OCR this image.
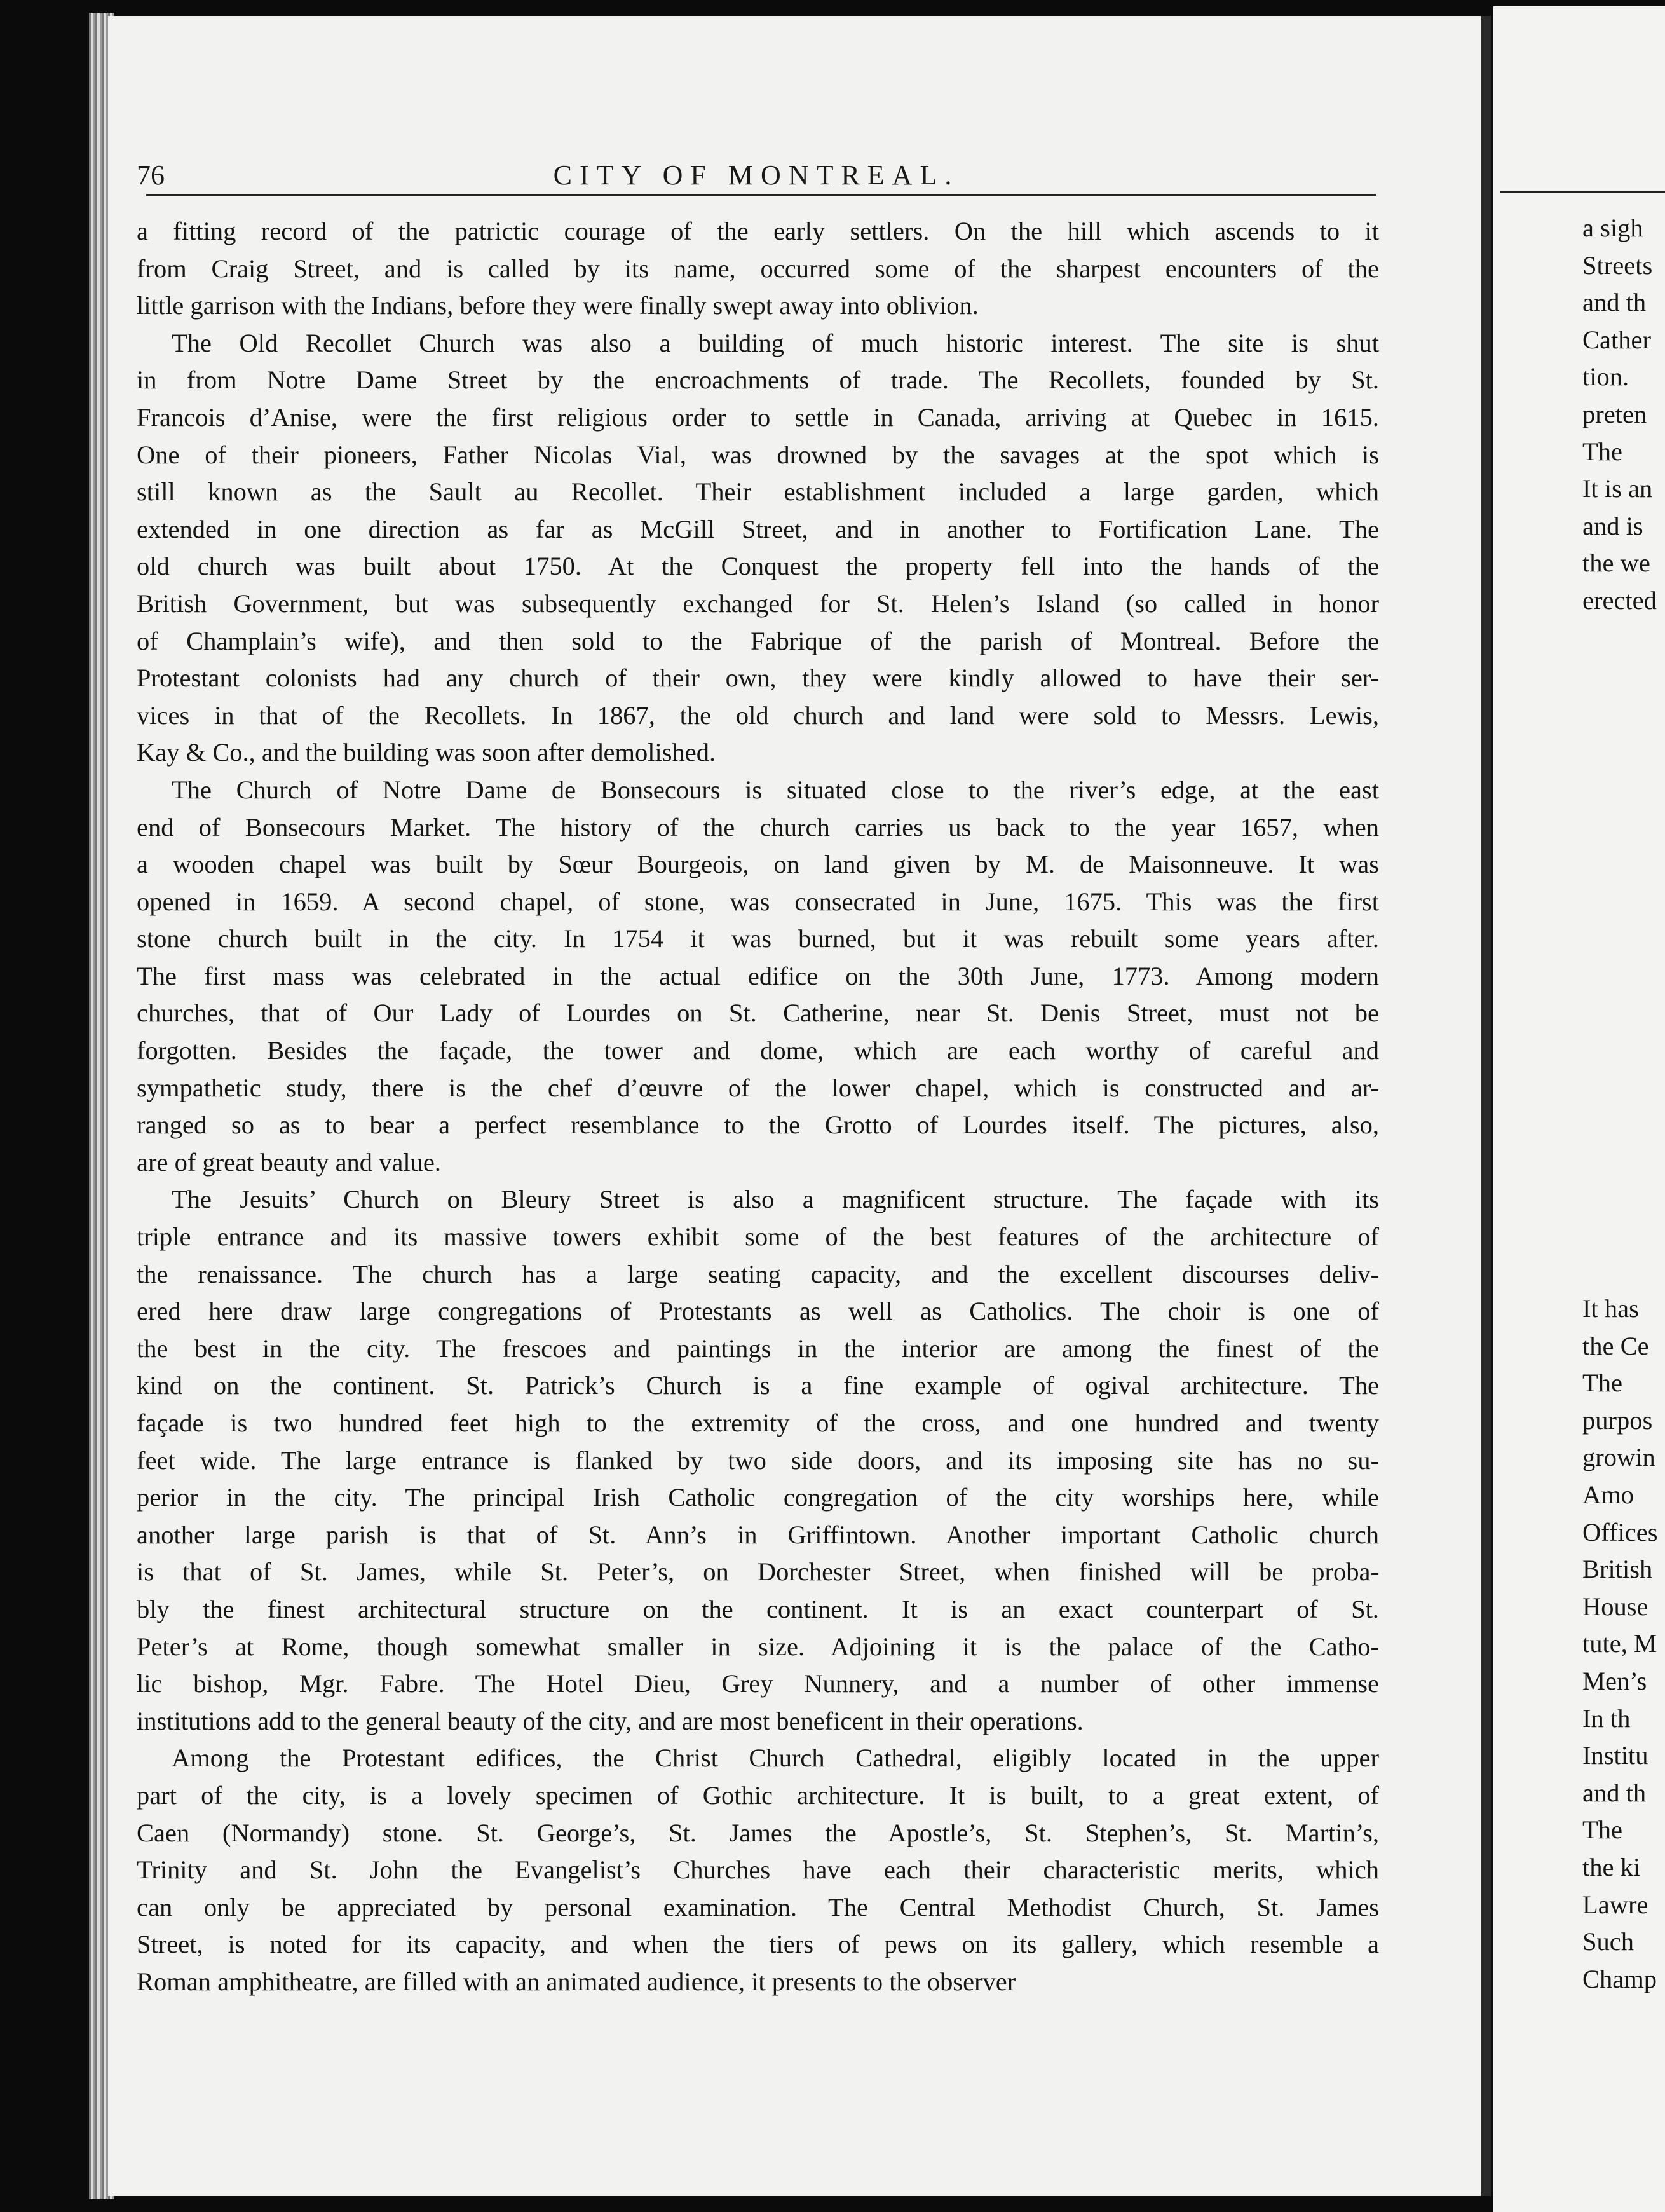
76	CITY OF MONTREAL.
a fitting record of the patrictic courage of the early settlers. On the hill which ascends to it
from Craig Street, and is called by its name, occurred some of the sharpest encounters of the
little garrison with the Indians, before they were finally swept away into oblivion.
The Old Recollet Church was also a building of much historic interest. The site is shut
in from Notre Dame Street by the encroachments of trade. The Recollets, founded by St.
Francois d’Anise, were the first religious order to settle in Canada, arriving at Quebec in 1615.
One of their pioneers, Father Nicolas Vial, was drowned by the savages at the spot which is
still known as the Sault au Recollet. Their establishment included a large garden, which
extended in one direction as far as McGill Street, and in another to Fortification Lane. The
old church was built about 1750. At the Conquest the property fell into the hands of the
British Government, but was subsequently exchanged for St. Helen’s Island (so called in honor
of Champlain’s wife), and then sold to the Fabrique of the parish of Montreal. Before the
Protestant colonists had any church of their own, they were kindly allowed to have their ser-
vices in that of the Recollets. In 1867, the old church and land were sold to Messrs. Lewis,
Kay & Co., and the building was soon after demolished.
The Church of Notre Dame de Bonsecours is situated close to the river’s edge, at the east
end of Bonsecours Market. The history of the church carries us back to the year 1657, when
a wooden chapel was built by Sœur Bourgeois, on land given by M. de Maisonneuve. It was
opened in 1659. A second chapel, of stone, was consecrated in June, 1675. This was the first
stone church built in the city. In 1754 it was burned, but it was rebuilt some years after.
The first mass was celebrated in the actual edifice on the 30th June, 1773. Among modern
churches, that of Our Lady of Lourdes on St. Catherine, near St. Denis Street, must not be
forgotten. Besides the façade, the tower and dome, which are each worthy of careful and
sympathetic study, there is the chef d’œuvre of the lower chapel, which is constructed and ar-
ranged so as to bear a perfect resemblance to the Grotto of Lourdes itself. The pictures, also,
are of great beauty and value.
The Jesuits’ Church on Bleury Street is also a magnificent structure. The façade with its
triple entrance and its massive towers exhibit some of the best features of the architecture of
the renaissance. The church has a large seating capacity, and the excellent discourses deliv-
ered here draw large congregations of Protestants as well as Catholics. The choir is one of
the best in the city. The frescoes and paintings in the interior are among the finest of the
kind on the continent. St. Patrick’s Church is a fine example of ogival architecture. The
façade is two hundred feet high to the extremity of the cross, and one hundred and twenty
feet wide. The large entrance is flanked by two side doors, and its imposing site has no su-
perior in the city. The principal Irish Catholic congregation of the city worships here, while
another large parish is that of St. Ann’s in Griffintown. Another important Catholic church
is that of St. James, while St. Peter’s, on Dorchester Street, when finished will be proba-
bly the finest architectural structure on the continent. It is an exact counterpart of St.
Peter’s at Rome, though somewhat smaller in size. Adjoining it is the palace of the Catho-
lic bishop, Mgr. Fabre. The Hotel Dieu, Grey Nunnery, and a number of other immense
institutions add to the general beauty of the city, and are most beneficent in their operations.
Among the Protestant edifices, the Christ Church Cathedral, eligibly located in the upper
part of the city, is a lovely specimen of Gothic architecture. It is built, to a great extent, of
Caen (Normandy) stone. St. George’s, St. James the Apostle’s, St. Stephen’s, St. Martin’s,
Trinity and St. John the Evangelist’s Churches have each their characteristic merits, which
can only be appreciated by personal examination. The Central Methodist Church, St. James
Street, is noted for its capacity, and when the tiers of pews on its gallery, which resemble a
Roman amphitheatre, are filled with an animated audience, it presents to the observer
a sigh
Streets
and th
Cather
tion.
preten
The
It is an
and is
the we
erected
It has
the Ce
The
purpos
growin
Amo
Offices
British
House
tute, M
Men’s
In th
Institu
and th
The
the ki
Lawre
Such
Champ
